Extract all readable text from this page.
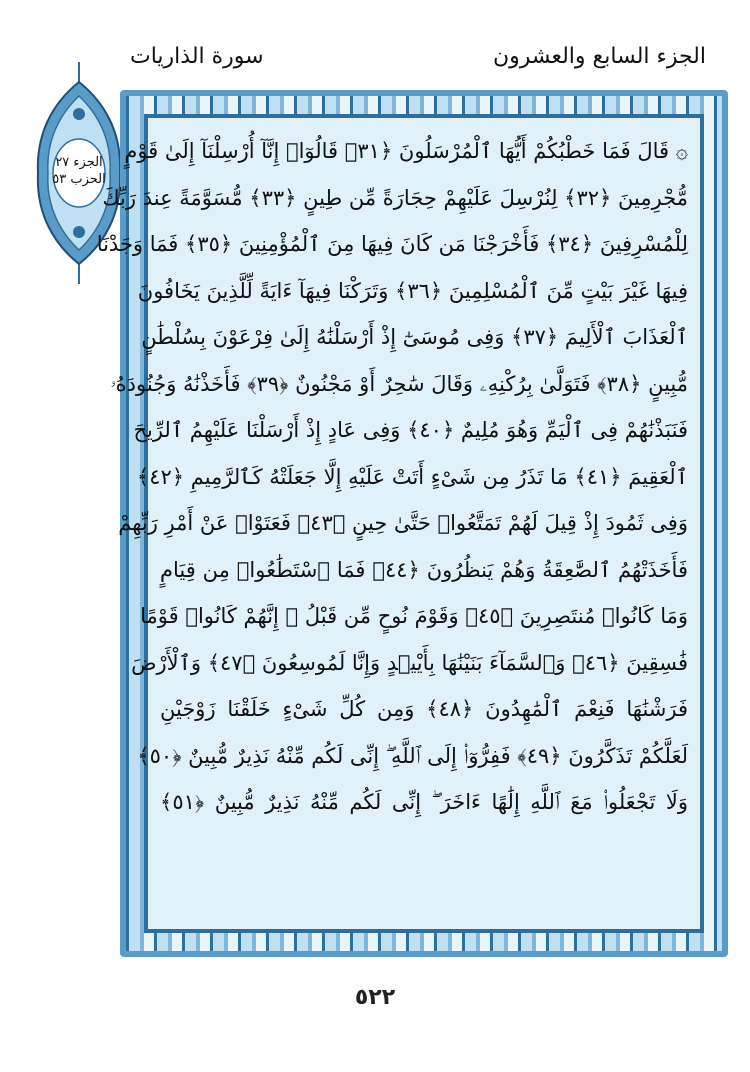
الجزء السابع والعشرون
سورة الذاريات
الجزء ٢٧
الحزب ٥٣
۞ قَالَ فَمَا خَطْبُكُمْ أَيُّهَا ٱلْمُرْسَلُونَ ﴿٣١﴾ قَالُوٓا۟ إِنَّآ أُرْسِلْنَآ إِلَىٰ قَوْمٍ
مُّجْرِمِينَ ﴿٣٢﴾ لِنُرْسِلَ عَلَيْهِمْ حِجَارَةً مِّن طِينٍ ﴿٣٣﴾ مُّسَوَّمَةً عِندَ رَبِّكَ
لِلْمُسْرِفِينَ ﴿٣٤﴾ فَأَخْرَجْنَا مَن كَانَ فِيهَا مِنَ ٱلْمُؤْمِنِينَ ﴿٣٥﴾ فَمَا وَجَدْنَا
فِيهَا غَيْرَ بَيْتٍ مِّنَ ٱلْمُسْلِمِينَ ﴿٣٦﴾ وَتَرَكْنَا فِيهَآ ءَايَةً لِّلَّذِينَ يَخَافُونَ
ٱلْعَذَابَ ٱلْأَلِيمَ ﴿٣٧﴾ وَفِى مُوسَىٰٓ إِذْ أَرْسَلْنَٰهُ إِلَىٰ فِرْعَوْنَ بِسُلْطَٰنٍ
مُّبِينٍ ﴿٣٨﴾ فَتَوَلَّىٰ بِرُكْنِهِۦ وَقَالَ سَٰحِرٌ أَوْ مَجْنُونٌ ﴿٣٩﴾ فَأَخَذْنَٰهُ وَجُنُودَهُۥ
فَنَبَذْنَٰهُمْ فِى ٱلْيَمِّ وَهُوَ مُلِيمٌ ﴿٤٠﴾ وَفِى عَادٍ إِذْ أَرْسَلْنَا عَلَيْهِمُ ٱلرِّيحَ
ٱلْعَقِيمَ ﴿٤١﴾ مَا تَذَرُ مِن شَىْءٍ أَتَتْ عَلَيْهِ إِلَّا جَعَلَتْهُ كَٱلرَّمِيمِ ﴿٤٢﴾
وَفِى ثَمُودَ إِذْ قِيلَ لَهُمْ تَمَتَّعُوا۟ حَتَّىٰ حِينٍ ﴿٤٣﴾ فَعَتَوْا۟ عَنْ أَمْرِ رَبِّهِمْ
فَأَخَذَتْهُمُ ٱلصَّٰعِقَةُ وَهُمْ يَنظُرُونَ ﴿٤٤﴾ فَمَا ٱسْتَطَٰعُوا۟ مِن قِيَامٍ
وَمَا كَانُوا۟ مُنتَصِرِينَ ﴿٤٥﴾ وَقَوْمَ نُوحٍ مِّن قَبْلُ ۖ إِنَّهُمْ كَانُوا۟ قَوْمًا
فَٰسِقِينَ ﴿٤٦﴾ وَٱلسَّمَآءَ بَنَيْنَٰهَا بِأَيْي۟دٍ وَإِنَّا لَمُوسِعُونَ ﴿٤٧﴾ وَٱلْأَرْضَ
فَرَشْنَٰهَا فَنِعْمَ ٱلْمَٰهِدُونَ ﴿٤٨﴾ وَمِن كُلِّ شَىْءٍ خَلَقْنَا زَوْجَيْنِ
لَعَلَّكُمْ تَذَكَّرُونَ ﴿٤٩﴾ فَفِرُّوٓا۟ إِلَى ٱللَّهِ ۖ إِنِّى لَكُم مِّنْهُ نَذِيرٌ مُّبِينٌ ﴿٥٠﴾
وَلَا تَجْعَلُوا۟ مَعَ ٱللَّهِ إِلَٰهًا ءَاخَرَ ۖ إِنِّى لَكُم مِّنْهُ نَذِيرٌ مُّبِينٌ ﴿٥١﴾
٥٢٢
